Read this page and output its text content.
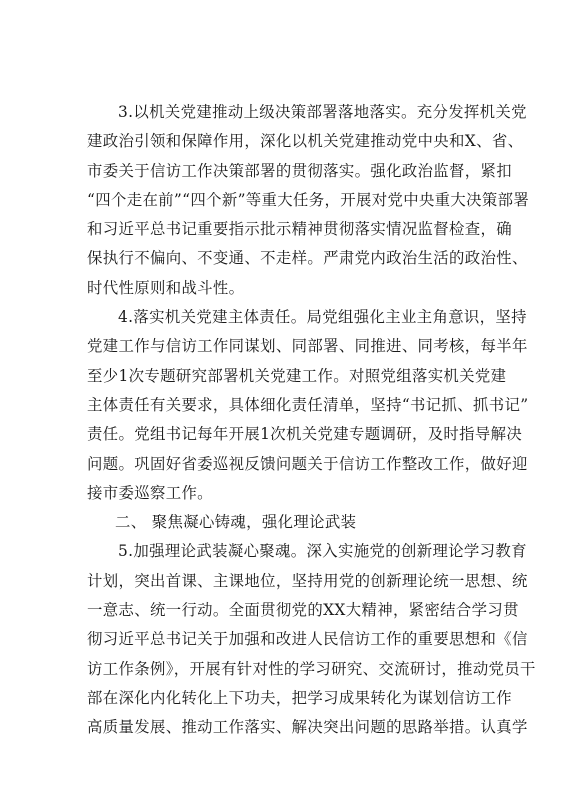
3.以机关党建推动上级决策部署落地落实。充分发挥机关党
建政治引领和保障作用，深化以机关党建推动党中央和X、省、
市委关于信访工作决策部署的贯彻落实。强化政治监督，紧扣
“四个走在前”“四个新”等重大任务，开展对党中央重大决策部署
和习近平总书记重要指示批示精神贯彻落实情况监督检查，确
保执行不偏向、不变通、不走样。严肃党内政治生活的政治性、
时代性原则和战斗性。
4.落实机关党建主体责任。局党组强化主业主角意识，坚持
党建工作与信访工作同谋划、同部署、同推进、同考核，每半年
至少1次专题研究部署机关党建工作。对照党组落实机关党建
主体责任有关要求，具体细化责任清单，坚持“书记抓、抓书记”
责任。党组书记每年开展1次机关党建专题调研，及时指导解决
问题。巩固好省委巡视反馈问题关于信访工作整改工作，做好迎
接市委巡察工作。
二、 聚焦凝心铸魂，强化理论武装
5.加强理论武装凝心聚魂。深入实施党的创新理论学习教育
计划，突出首课、主课地位，坚持用党的创新理论统一思想、统
一意志、统一行动。全面贯彻党的XX大精神，紧密结合学习贯
彻习近平总书记关于加强和改进人民信访工作的重要思想和《信
访工作条例》，开展有针对性的学习研究、交流研讨，推动党员干
部在深化内化转化上下功夫，把学习成果转化为谋划信访工作
高质量发展、推动工作落实、解决突出问题的思路举措。认真学
